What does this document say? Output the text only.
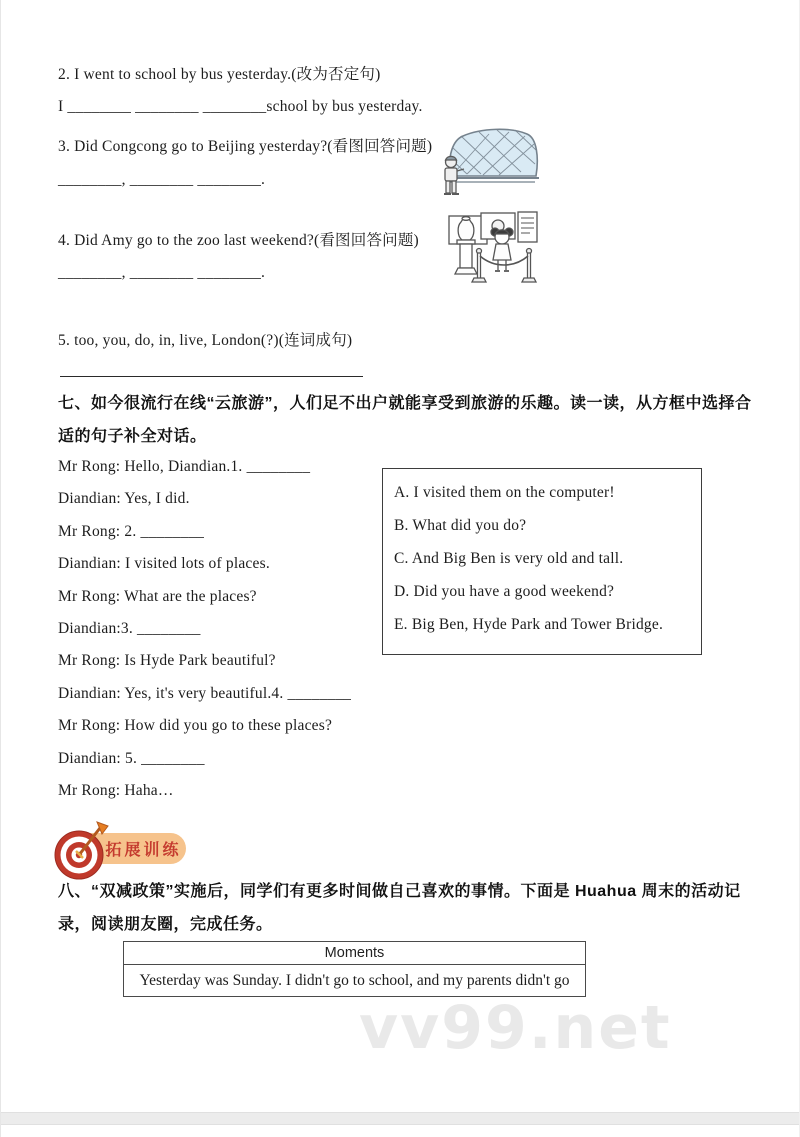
2. I went to school by bus yesterday.(改为否定句)
I ________ ________ ________school by bus yesterday.
3. Did Congcong go to Beijing yesterday?(看图回答问题)
________, ________ ________.
4. Did Amy go to the zoo last weekend?(看图回答问题)
________, ________ ________.
5. too, you, do, in, live, London(?)(连词成句)
七、如今很流行在线“云旅游”，人们足不出户就能享受到旅游的乐趣。读一读，从方框中选择合适的句子补全对话。

Mr Rong: Hello, Diandian.1. ________

Diandian: Yes, I did.

Mr Rong: 2. ________

Diandian: I visited lots of places.

Mr Rong: What are the places?

Diandian:3. ________

Mr Rong: Is Hyde Park beautiful?

Diandian: Yes, it's very beautiful.4. ________

Mr Rong: How did you go to these places?

Diandian: 5. ________

Mr Rong: Haha…

A. I visited them on the computer!

B. What did you do?

C. And Big Ben is very old and tall.

D. Did you have a good weekend?

E. Big Ben, Hyde Park and Tower Bridge.

拓展训练
八、“双减政策”实施后，同学们有更多时间做自己喜欢的事情。下面是 Huahua 周末的活动记录，阅读朋友圈，完成任务。
Moments
Yesterday was Sunday. I didn't go to school, and my parents didn't go
vv99.net
